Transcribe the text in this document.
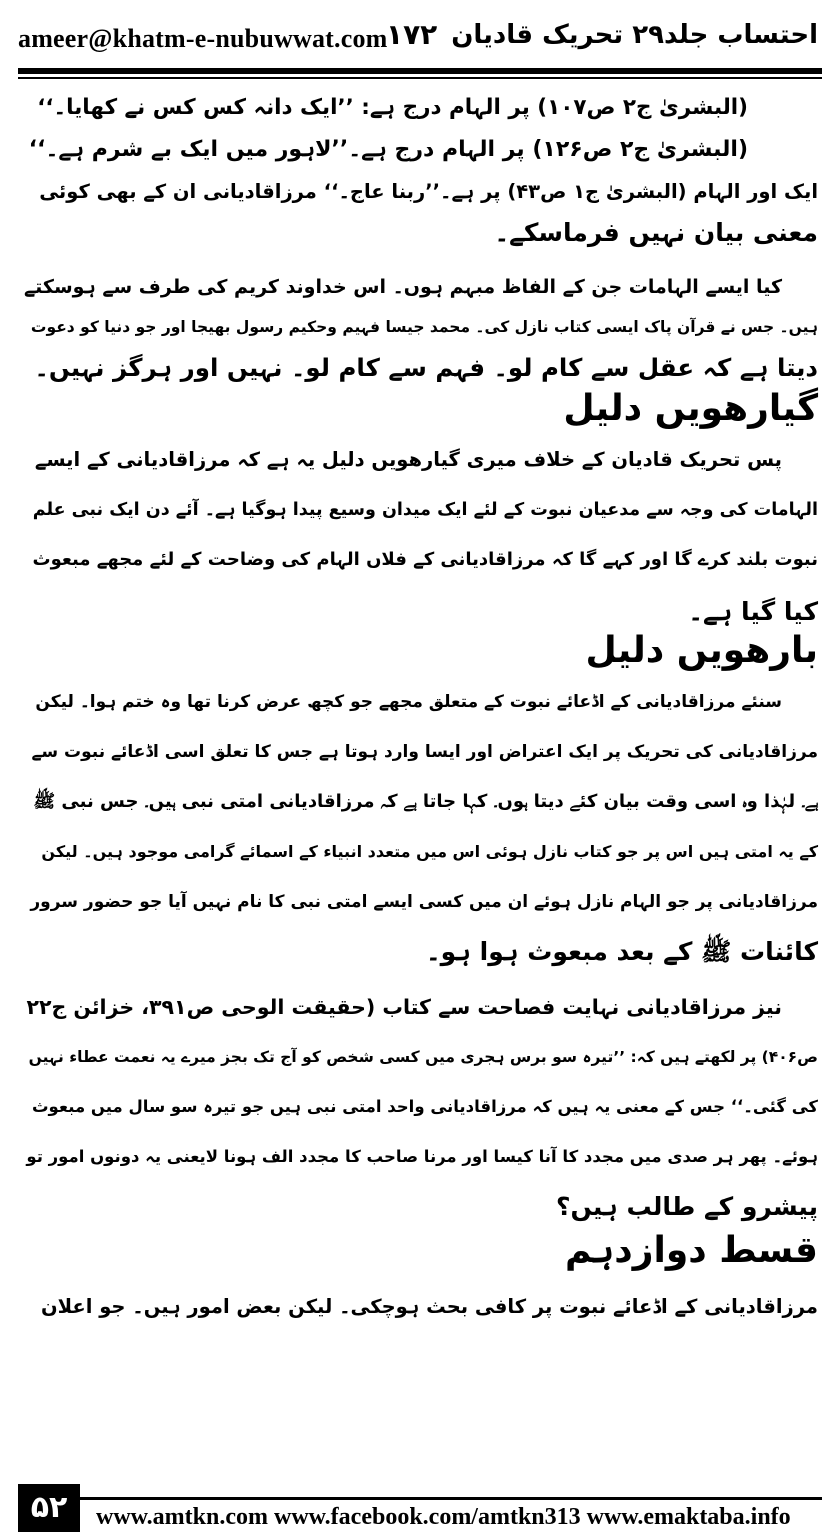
ameer@khatm-e-nubuwwat.com
۱۷۲ احتساب جلد۲۹ تحریک قادیان
(البشریٰ ج۲ ص۱۰۷) پر الہام درج ہے: ’’ایک دانہ کس کس نے کھایا۔‘‘
(البشریٰ ج۲ ص۱۲۶) پر الہام درج ہے۔’’لاہور میں ایک بے شرم ہے۔‘‘
ایک اور الہام (البشریٰ ج۱ ص۴۳) پر ہے۔’’ربنا عاج۔‘‘ مرزاقادیانی ان کے بھی کوئی
معنی بیان نہیں فرماسکے۔
کیا ایسے الہامات جن کے الفاظ مبہم ہوں۔ اس خداوند کریم کی طرف سے ہوسکتے
ہیں۔ جس نے قرآن پاک ایسی کتاب نازل کی۔ محمد جیسا فہیم وحکیم رسول بھیجا اور جو دنیا کو دعوت
دیتا ہے کہ عقل سے کام لو۔ فہم سے کام لو۔ نہیں اور ہرگز نہیں۔
گیارھویں دلیل
پس تحریک قادیان کے خلاف میری گیارھویں دلیل یہ ہے کہ مرزاقادیانی کے ایسے
الہامات کی وجہ سے مدعیان نبوت کے لئے ایک میدان وسیع پیدا ہوگیا ہے۔ آئے دن ایک نبی علم
نبوت بلند کرے گا اور کہے گا کہ مرزاقادیانی کے فلاں الہام کی وضاحت کے لئے مجھے مبعوث
کیا گیا ہے۔
بارھویں دلیل
سنئے مرزاقادیانی کے اڈعائے نبوت کے متعلق مجھے جو کچھ عرض کرنا تھا وہ ختم ہوا۔ لیکن
مرزاقادیانی کی تحریک پر ایک اعتراض اور ایسا وارد ہوتا ہے جس کا تعلق اسی اڈعائے نبوت سے
ہے۔ لہٰذا وہ اسی وقت بیان کئے دیتا ہوں۔ کہا جاتا ہے کہ مرزاقادیانی امتی نبی ہیں۔ جس نبی ﷺ
کے یہ امتی ہیں اس پر جو کتاب نازل ہوئی اس میں متعدد انبیاء کے اسمائے گرامی موجود ہیں۔ لیکن
مرزاقادیانی پر جو الہام نازل ہوئے ان میں کسی ایسے امتی نبی کا نام نہیں آیا جو حضور سرور
کائنات ﷺ کے بعد مبعوث ہوا ہو۔
نیز مرزاقادیانی نہایت فصاحت سے کتاب (حقیقت الوحی ص۳۹۱، خزائن ج۲۲
ص۴۰۶) پر لکھتے ہیں کہ: ’’تیرہ سو برس ہجری میں کسی شخص کو آج تک بجز میرے یہ نعمت عطاء نہیں
کی گئی۔‘‘ جس کے معنی یہ ہیں کہ مرزاقادیانی واحد امتی نبی ہیں جو تیرہ سو سال میں مبعوث
ہوئے۔ پھر ہر صدی میں مجدد کا آنا کیسا اور مرنا صاحب کا مجدد الف ہونا لایعنی یہ دونوں امور تو
پیشرو کے طالب ہیں؟
قسط دوازدہم
مرزاقادیانی کے اڈعائے نبوت پر کافی بحث ہوچکی۔ لیکن بعض امور ہیں۔ جو اعلان
۵۲	www.amtkn.com www.facebook.com/amtkn313 www.emaktaba.info
